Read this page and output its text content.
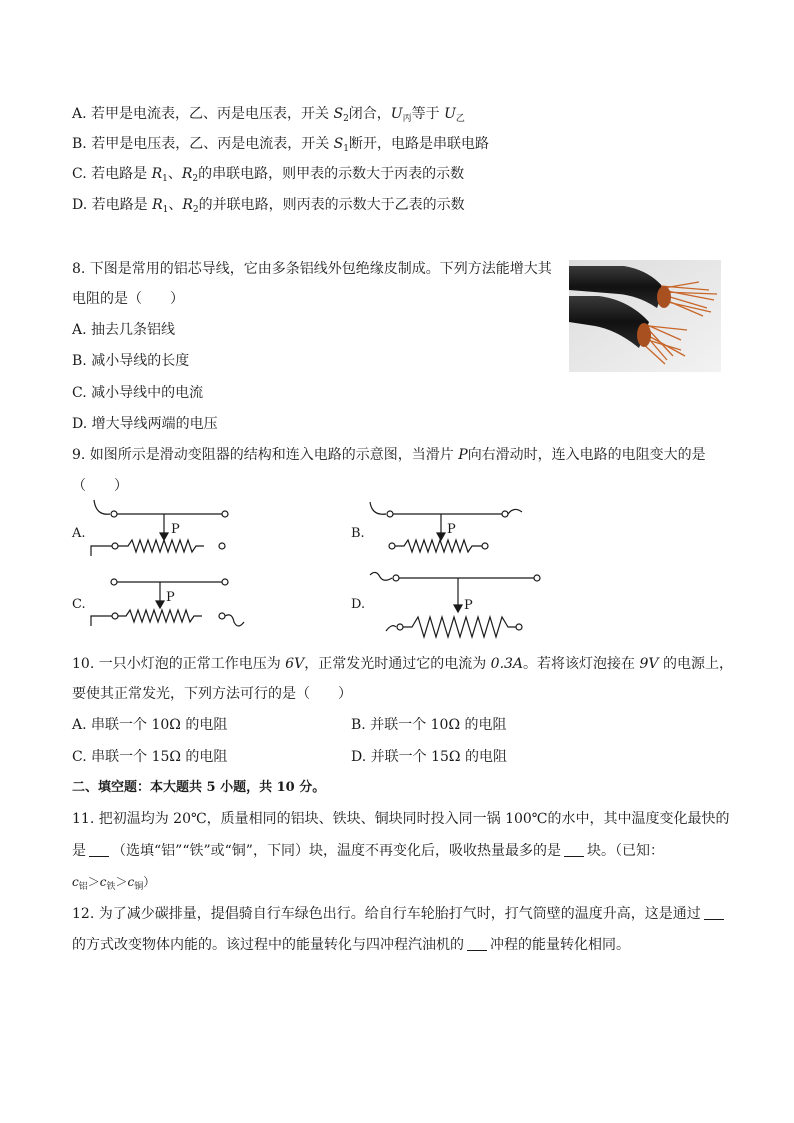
A. 若甲是电流表，乙、丙是电压表，开关 $S_2$闭合，$U_丙$等于 $U_乙$
B. 若甲是电压表，乙、丙是电流表，开关 $S_1$断开，电路是串联电路
C. 若电路是 $R_1$、$R_2$的串联电路，则甲表的示数大于丙表的示数
D. 若电路是 $R_1$、$R_2$的并联电路，则丙表的示数大于乙表的示数
8. 下图是常用的铝芯导线，它由多条铝线外包绝缘皮制成。下列方法能增大其
电阻的是（　　）
A. 抽去几条铝线
B. 减小导线的长度
C. 减小导线中的电流
D. 增大导线两端的电压
9. 如图所示是滑动变阻器的结构和连入电路的示意图，当滑片 P向右滑动时，连入电路的电阻变大的是
（　　）
A.	P	B.	P
C.	P	D.	P
10. 一只小灯泡的正常工作电压为 6V，正常发光时通过它的电流为 0.3A。若将该灯泡接在 9V 的电源上，
要使其正常发光，下列方法可行的是（　　）
A. 串联一个 10Ω 的电阻	B. 并联一个 10Ω 的电阻
C. 串联一个 15Ω 的电阻	D. 并联一个 15Ω 的电阻
二、填空题：本大题共 5 小题，共 10 分。
11. 把初温均为 20℃，质量相同的铝块、铁块、铜块同时投入同一锅 100℃的水中，其中温度变化最快的
是 （选填“铝”“铁”或“铜”，下同）块，温度不再变化后，吸收热量最多的是 块。（已知：
$c_铝>c_铁>c_铜$）
12. 为了减少碳排量，提倡骑自行车绿色出行。给自行车轮胎打气时，打气筒壁的温度升高，这是通过
的方式改变物体内能的。该过程中的能量转化与四冲程汽油机的 冲程的能量转化相同。
